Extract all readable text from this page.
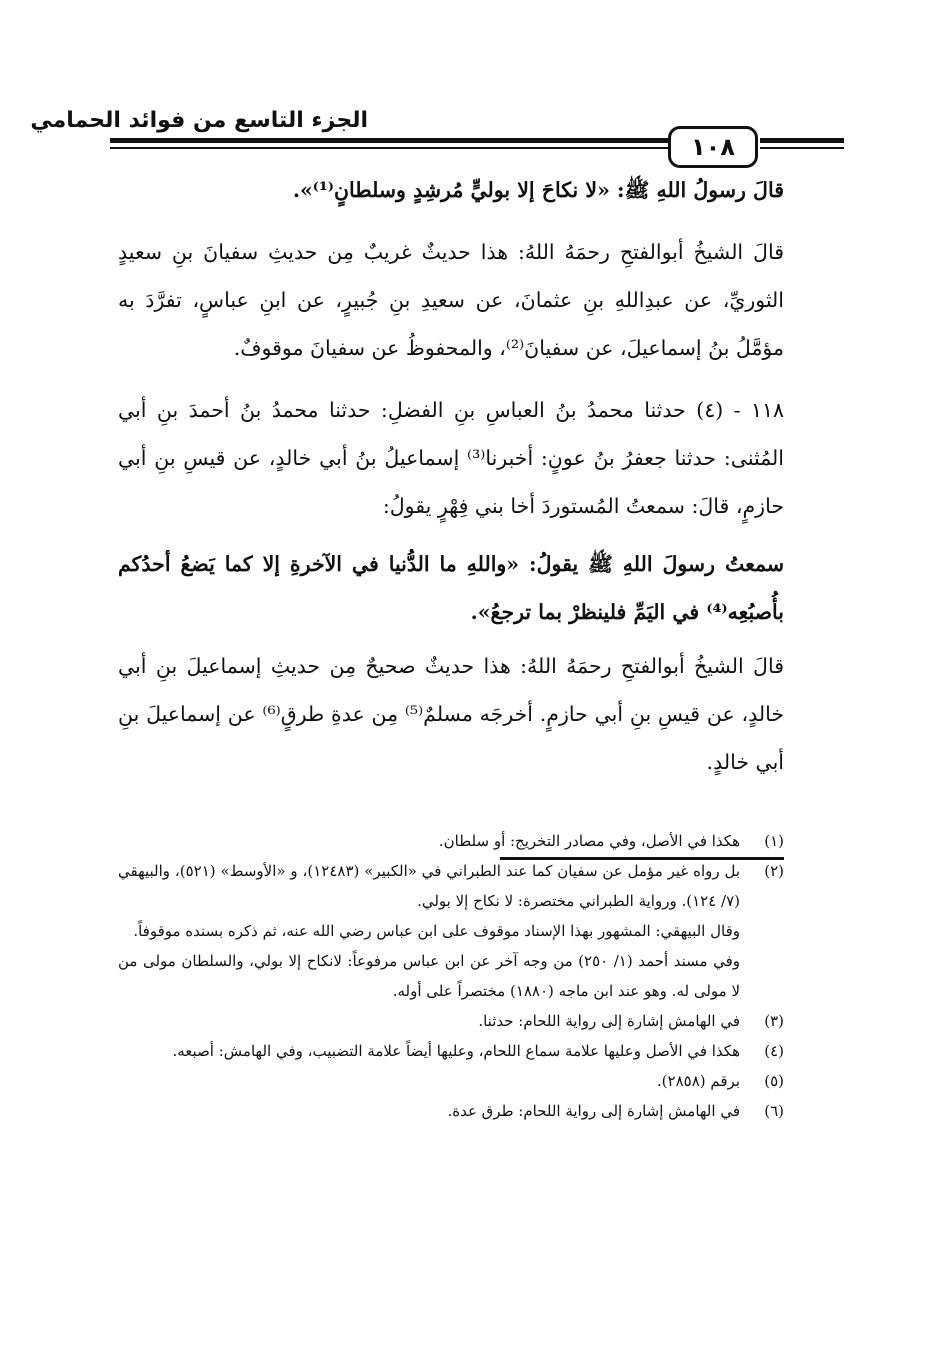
الجزء التاسع من فوائد الحمامي
١٠٨

قالَ رسولُ اللهِ ﷺ: «لا نكاحَ إلا بوليٍّ مُرشِدٍ وسلطانٍ⁽¹⁾».

قالَ الشيخُ أبوالفتحِ رحمَهُ اللهُ: هذا حديثٌ غريبٌ مِن حديثِ سفيانَ بنِ سعيدٍ الثوريِّ، عن عبدِاللهِ بنِ عثمانَ، عن سعيدِ بنِ جُبيرٍ، عن ابنِ عباسٍ، تفرَّدَ به مؤمَّلُ بنُ إسماعيلَ، عن سفيانَ⁽²⁾، والمحفوظُ عن سفيانَ موقوفٌ.

١١٨ - (٤) حدثنا محمدُ بنُ العباسِ بنِ الفضلِ: حدثنا محمدُ بنُ أحمدَ بنِ أبي المُثنى: حدثنا جعفرُ بنُ عونٍ: أخبرنا⁽³⁾ إسماعيلُ بنُ أبي خالدٍ، عن قيسِ بنِ أبي حازمٍ، قالَ: سمعتُ المُستوردَ أخا بني فِهْرٍ يقولُ:

سمعتُ رسولَ اللهِ ﷺ يقولُ: «واللهِ ما الدُّنيا في الآخرةِ إلا كما يَضعُ أحدُكم بأُصبُعِه⁽⁴⁾ في اليَمِّ فلينظرْ بما ترجعُ».

قالَ الشيخُ أبوالفتحِ رحمَهُ اللهُ: هذا حديثٌ صحيحٌ مِن حديثِ إسماعيلَ بنِ أبي خالدٍ، عن قيسِ بنِ أبي حازمٍ. أخرجَه مسلمٌ⁽⁵⁾ مِن عدةِ طرقٍ⁽⁶⁾ عن إسماعيلَ بنِ أبي خالدٍ.

(١)
هكذا في الأصل، وفي مصادر التخريج: أو سلطان.

(٢)
بل رواه غير مؤمل عن سفيان كما عند الطبراني في «الكبير» (١٢٤٨٣)، و «الأوسط» (٥٢١)، والبيهقي (٧/ ١٢٤). ورواية الطبراني مختصرة: لا نكاح إلا بولي.

وقال البيهقي: المشهور بهذا الإسناد موقوف على ابن عباس رضي الله عنه، ثم ذكره بسنده موقوفاً.

وفي مسند أحمد (١/ ٢٥٠) من وجه آخر عن ابن عباس مرفوعاً: لانكاح إلا بولي، والسلطان مولى من لا مولى له. وهو عند ابن ماجه (١٨٨٠) مختصراً على أوله.

(٣)
في الهامش إشارة إلى رواية اللحام: حدثنا.

(٤)
هكذا في الأصل وعليها علامة سماع اللحام، وعليها أيضاً علامة التضبيب، وفي الهامش: أصبعه.

(٥)
برقم (٢٨٥٨).

(٦)
في الهامش إشارة إلى رواية اللحام: طرق عدة.
